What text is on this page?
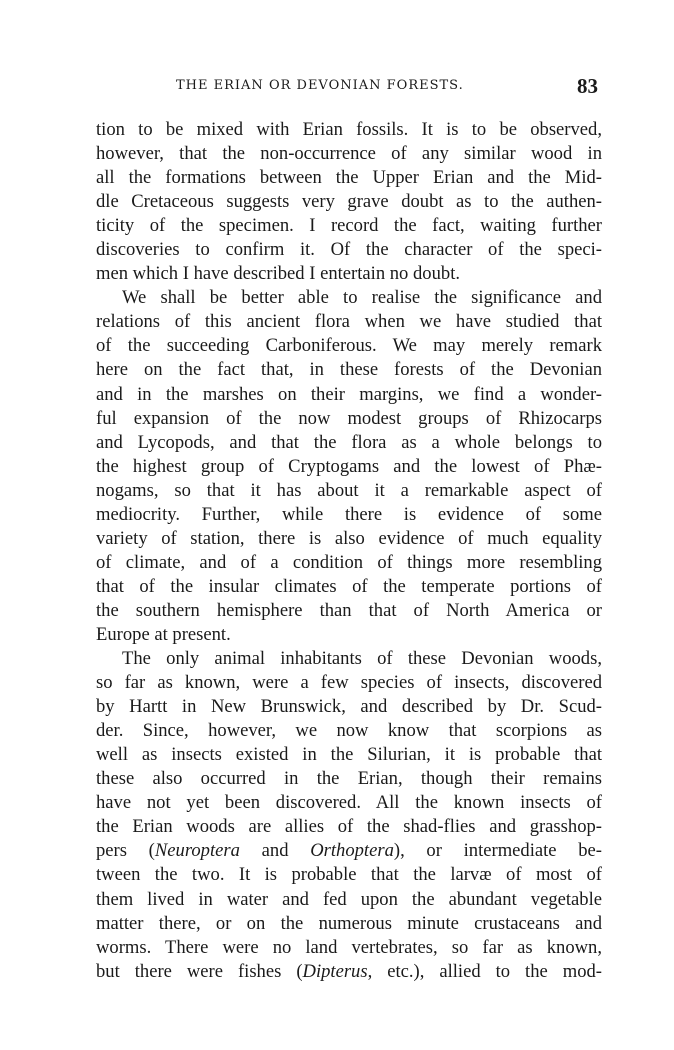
THE ERIAN OR DEVONIAN FORESTS.	83
tion to be mixed with Erian fossils. It is to be observed,
however, that the non-occurrence of any similar wood in
all the formations between the Upper Erian and the Mid-
dle Cretaceous suggests very grave doubt as to the authen-
ticity of the specimen. I record the fact, waiting further
discoveries to confirm it. Of the character of the speci-
men which I have described I entertain no doubt.
We shall be better able to realise the significance and
relations of this ancient flora when we have studied that
of the succeeding Carboniferous. We may merely remark
here on the fact that, in these forests of the Devonian
and in the marshes on their margins, we find a wonder-
ful expansion of the now modest groups of Rhizocarps
and Lycopods, and that the flora as a whole belongs to
the highest group of Cryptogams and the lowest of Phæ-
nogams, so that it has about it a remarkable aspect of
mediocrity. Further, while there is evidence of some
variety of station, there is also evidence of much equality
of climate, and of a condition of things more resembling
that of the insular climates of the temperate portions of
the southern hemisphere than that of North America or
Europe at present.
The only animal inhabitants of these Devonian woods,
so far as known, were a few species of insects, discovered
by Hartt in New Brunswick, and described by Dr. Scud-
der. Since, however, we now know that scorpions as
well as insects existed in the Silurian, it is probable that
these also occurred in the Erian, though their remains
have not yet been discovered. All the known insects of
the Erian woods are allies of the shad-flies and grasshop-
pers (Neuroptera and Orthoptera), or intermediate be-
tween the two. It is probable that the larvæ of most of
them lived in water and fed upon the abundant vegetable
matter there, or on the numerous minute crustaceans and
worms. There were no land vertebrates, so far as known,
but there were fishes (Dipterus, etc.), allied to the mod-
